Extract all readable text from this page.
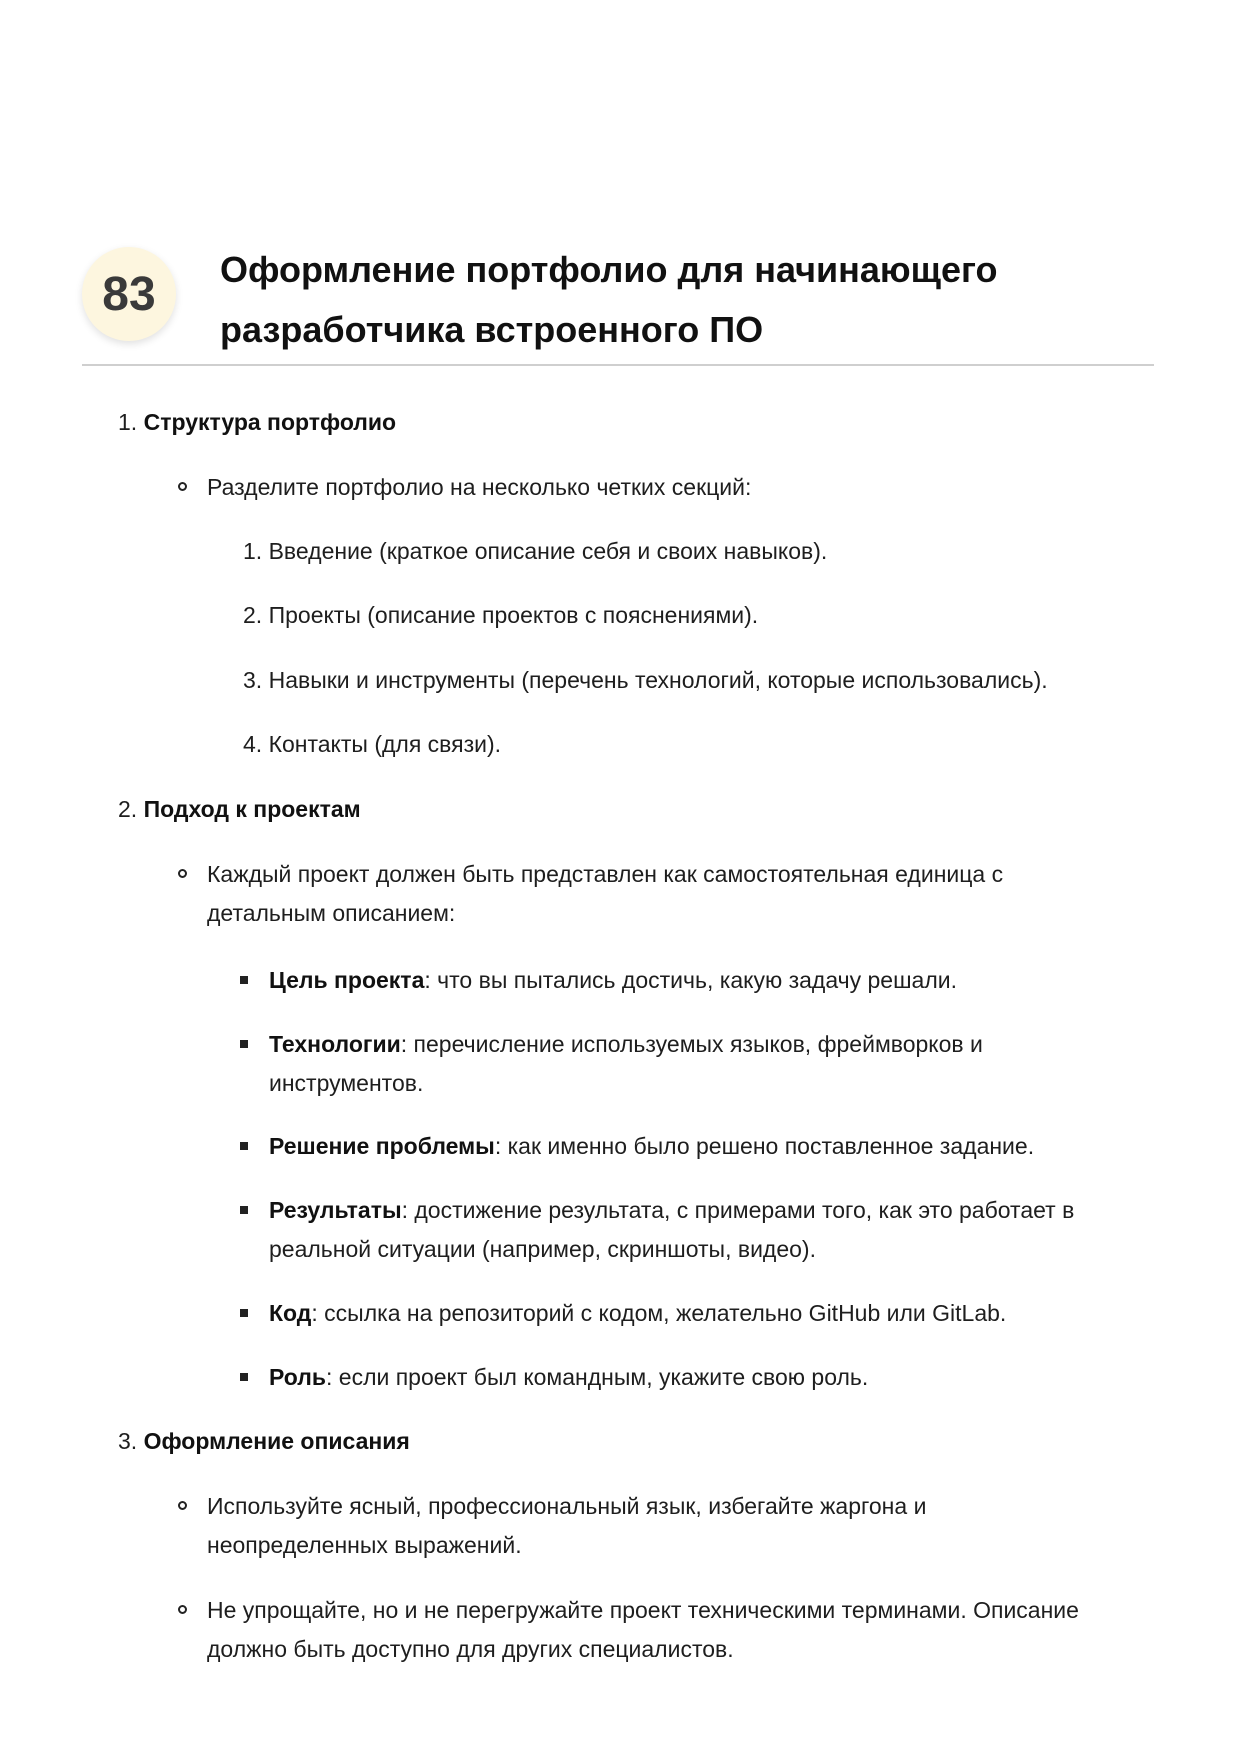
83	Оформление портфолио для начинающего
разработчика встроенного ПО
1. Структура портфолио
Разделите портфолио на несколько четких секций:
1. Введение (краткое описание себя и своих навыков).
2. Проекты (описание проектов с пояснениями).
3. Навыки и инструменты (перечень технологий, которые использовались).
4. Контакты (для связи).
2. Подход к проектам
Каждый проект должен быть представлен как самостоятельная единица с
детальным описанием:
Цель проекта: что вы пытались достичь, какую задачу решали.
Технологии: перечисление используемых языков, фреймворков и
инструментов.
Решение проблемы: как именно было решено поставленное задание.
Результаты: достижение результата, с примерами того, как это работает в
реальной ситуации (например, скриншоты, видео).
Код: ссылка на репозиторий с кодом, желательно GitHub или GitLab.
Роль: если проект был командным, укажите свою роль.
3. Оформление описания
Используйте ясный, профессиональный язык, избегайте жаргона и
неопределенных выражений.
Не упрощайте, но и не перегружайте проект техническими терминами. Описание
должно быть доступно для других специалистов.
